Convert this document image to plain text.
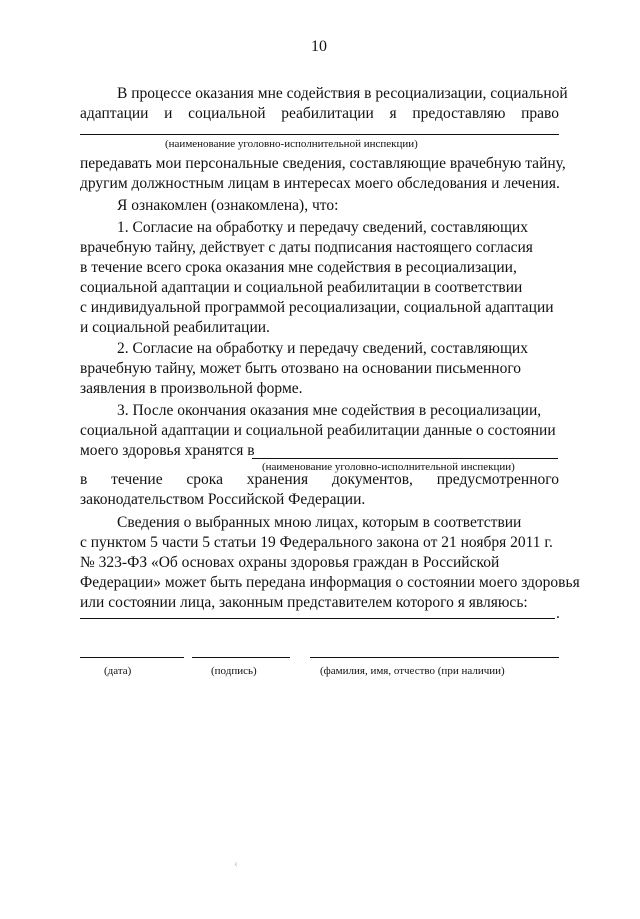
10
В процессе оказания мне содействия в ресоциализации, социальной
адаптации и социальной реабилитации я предоставляю право
(наименование уголовно-исполнительной инспекции)
передавать мои персональные сведения, составляющие врачебную тайну,
другим должностным лицам в интересах моего обследования и лечения.
Я ознакомлен (ознакомлена), что:
1. Согласие на обработку и передачу сведений, составляющих
врачебную тайну, действует с даты подписания настоящего согласия
в течение всего срока оказания мне содействия в ресоциализации,
социальной адаптации и социальной реабилитации в соответствии
с индивидуальной программой ресоциализации, социальной адаптации
и социальной реабилитации.
2. Согласие на обработку и передачу сведений, составляющих
врачебную тайну, может быть отозвано на основании письменного
заявления в произвольной форме.
3. После окончания оказания мне содействия в ресоциализации,
социальной адаптации и социальной реабилитации данные о состоянии
моего здоровья хранятся в
(наименование уголовно-исполнительной инспекции)
в течение срока хранения документов, предусмотренного
законодательством Российской Федерации.
Сведения о выбранных мною лицах, которым в соответствии
с пунктом 5 части 5 статьи 19 Федерального закона от 21 ноября 2011 г.
№ 323-ФЗ «Об основах охраны здоровья граждан в Российской
Федерации» может быть передана информация о состоянии моего здоровья
или состоянии лица, законным представителем которого я являюсь:
.
(дата)	(подпись)	(фамилия, имя, отчество (при наличии)
‹
